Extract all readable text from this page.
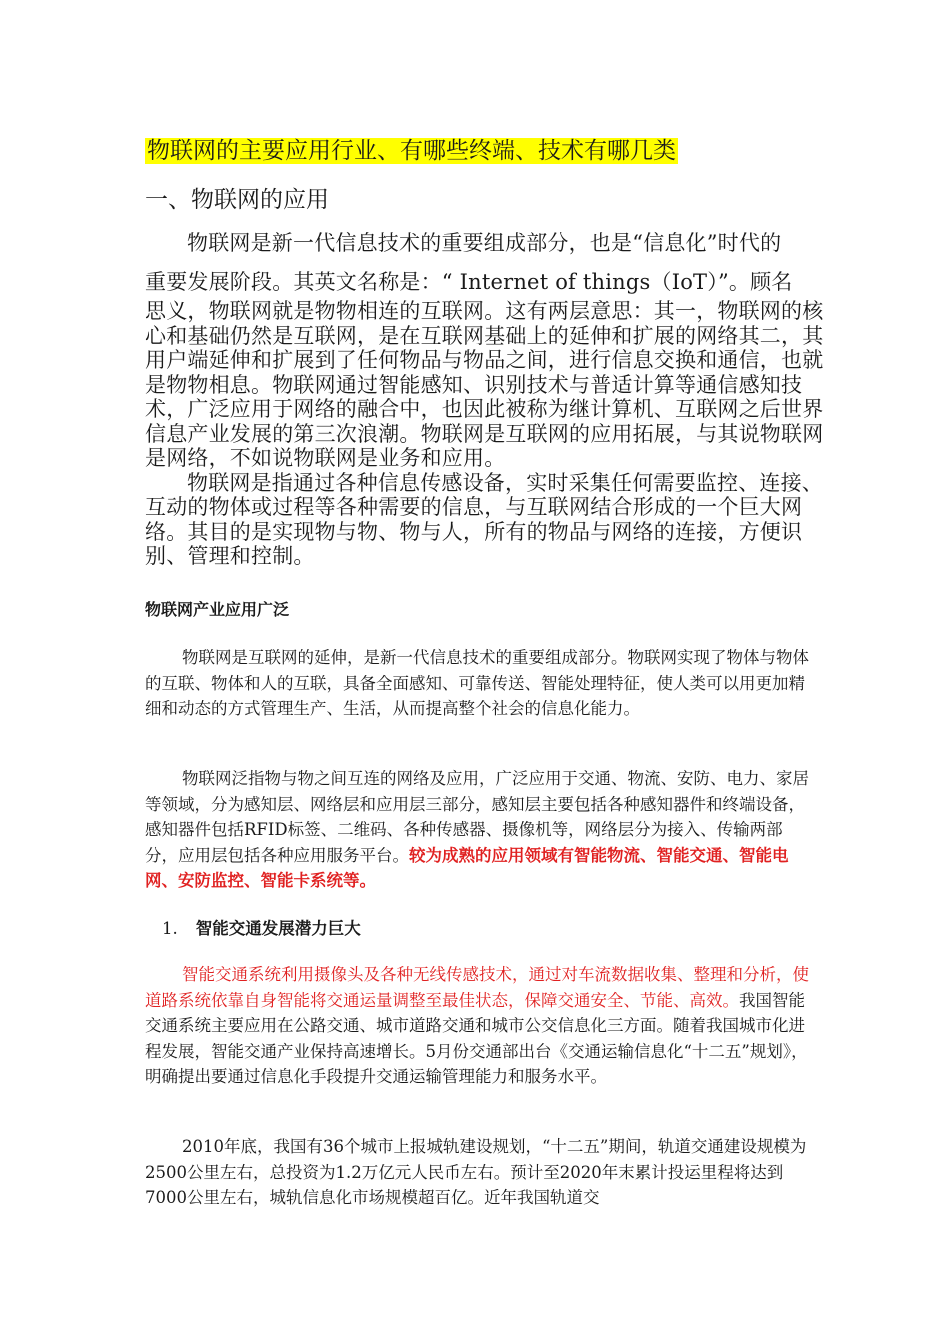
物联网的主要应用行业、有哪些终端、技术有哪几类
一、物联网的应用

物联网是新一代信息技术的重要组成部分，也是“信息化”时代的

重要发展阶段。其英文名称是：“ Internet of things（IoT）”。顾名

思义，物联网就是物物相连的互联网。这有两层意思：其一，物联网的核心和基础仍然是互联网，是在互联网基础上的延伸和扩展的网络其二，其用户端延伸和扩展到了任何物品与物品之间，进行信息交换和通信，也就是物物相息。物联网通过智能感知、识别技术与普适计算等通信感知技术，广泛应用于网络的融合中，也因此被称为继计算机、互联网之后世界信息产业发展的第三次浪潮。物联网是互联网的应用拓展，与其说物联网是网络，不如说物联网是业务和应用。

物联网是指通过各种信息传感设备，实时采集任何需要监控、连接、互动的物体或过程等各种需要的信息，与互联网结合形成的一个巨大网络。其目的是实现物与物、物与人，所有的物品与网络的连接，方便识别、管理和控制。

物联网产业应用广泛

物联网是互联网的延伸，是新一代信息技术的重要组成部分。物联网实现了物体与物体的互联、物体和人的互联，具备全面感知、可靠传送、智能处理特征，使人类可以用更加精细和动态的方式管理生产、生活，从而提高整个社会的信息化能力。

物联网泛指物与物之间互连的网络及应用，广泛应用于交通、物流、安防、电力、家居等领域，分为感知层、网络层和应用层三部分，感知层主要包括各种感知器件和终端设备，感知器件包括RFID标签、二维码、各种传感器、摄像机等，网络层分为接入、传输两部分，应用层包括各种应用服务平台。较为成熟的应用领域有智能物流、智能交通、智能电网、安防监控、智能卡系统等。

1. 智能交通发展潜力巨大

智能交通系统利用摄像头及各种无线传感技术，通过对车流数据收集、整理和分析，使道路系统依靠自身智能将交通运量调整至最佳状态，保障交通安全、节能、高效。我国智能交通系统主要应用在公路交通、城市道路交通和城市公交信息化三方面。随着我国城市化进程发展，智能交通产业保持高速增长。5月份交通部出台《交通运输信息化“十二五”规划》，明确提出要通过信息化手段提升交通运输管理能力和服务水平。

2010年底，我国有36个城市上报城轨建设规划，“十二五”期间，轨道交通建设规模为2500公里左右，总投资为1.2万亿元人民币左右。预计至2020年末累计投运里程将达到7000公里左右，城轨信息化市场规模超百亿。近年我国轨道交
